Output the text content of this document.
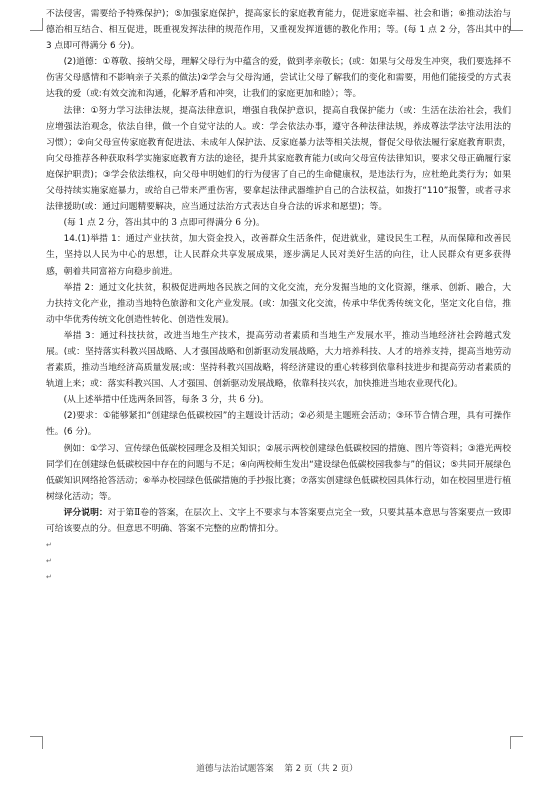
不法侵害，需要给予特殊保护)；⑤加强家庭保护，提高家长的家庭教育能力，促进家庭幸福、社会和谐；⑥推动法治与德治相互结合、相互促进，既重视发挥法律的规范作用，又重视发挥道德的教化作用；等。(每 1 点 2 分，答出其中的 3 点即可得满分 6 分)。

(2)道德：①尊敬、接纳父母，理解父母行为中蕴含的爱，做到孝亲敬长；(或：如果与父母发生冲突，我们要选择不伤害父母感情和不影响亲子关系的做法)②学会与父母沟通，尝试让父母了解我们的变化和需要，用他们能接受的方式表达我的爱（或:有效交流和沟通，化解矛盾和冲突，让我们的家庭更加和睦）；等。

法律：①努力学习法律法规，提高法律意识，增强自我保护意识，提高自我保护能力（或：生活在法治社会，我们应增强法治观念，依法自律，做一个自觉守法的人。或：学会依法办事，遵守各种法律法规，养成尊法学法守法用法的习惯）；②向父母宣传家庭教育促进法、未成年人保护法、反家庭暴力法等相关法规，督促父母依法履行家庭教育职责，向父母推荐各种获取科学实施家庭教育方法的途径，提升其家庭教育能力(或向父母宣传法律知识，要求父母正确履行家庭保护职责)；③学会依法维权，向父母申明她们的行为侵害了自己的生命健康权，是违法行为，应杜绝此类行为；如果父母持续实施家庭暴力，或给自己带来严重伤害，要拿起法律武器维护自己的合法权益，如拨打“110”报警，或者寻求法律援助(或：通过问题精要解决，应当通过法治方式表达自身合法的诉求和愿望)；等。

(每 1 点 2 分，答出其中的 3 点即可得满分 6 分)。

14.(1)举措 1：通过产业扶贫，加大资金投入，改善群众生活条件，促进就业，建设民生工程，从而保障和改善民生，坚持以人民为中心的思想，让人民群众共享发展成果，逐步满足人民对美好生活的向往，让人民群众有更多获得感，朝着共同富裕方向稳步前进。

举措 2：通过文化扶贫，积极促进两地各民族之间的文化交流，充分发掘当地的文化资源，继承、创新、融合，大力扶持文化产业，推动当地特色旅游和文化产业发展。(或：加强文化交流，传承中华优秀传统文化，坚定文化自信，推动中华优秀传统文化创造性转化、创造性发展)。

举措 3：通过科技扶贫，改进当地生产技术，提高劳动者素质和当地生产发展水平，推动当地经济社会跨越式发展。(或：坚持落实科教兴国战略、人才强国战略和创新驱动发展战略，大力培养科技、人才的培养支持，提高当地劳动者素质，推动当地经济高质量发展;或：坚持科教兴国战略，将经济建设的重心转移到依靠科技进步和提高劳动者素质的轨道上来；或：落实科教兴国、人才强国、创新驱动发展战略，依靠科技兴农，加快推进当地农业现代化)。

(从上述举措中任选两条回答，每条 3 分，共 6 分)。

(2)要求：①能够紧扣“创建绿色低碳校园”的主题设计活动；②必须是主题班会活动；③环节合情合理，具有可操作性。(6 分)。

例如：①学习、宣传绿色低碳校园理念及相关知识；②展示两校创建绿色低碳校园的措施、图片等资料；③港光两校同学们在创建绿色低碳校园中存在的问题与不足；④向两校师生发出“建设绿色低碳校园我参与”的倡议；⑤共同开展绿色低碳知识网络抢答活动；⑥举办校园绿色低碳措施的手抄报比赛；⑦落实创建绿色低碳校园具体行动，如在校园里进行植树绿化活动；等。

评分说明：对于第Ⅱ卷的答案，在层次上、文字上不要求与本答案要点完全一致，只要其基本意思与答案要点一致即可给该要点的分。但意思不明确、答案不完整的应酌情扣分。

↵

↵

↵

道德与法治试题答案 第 2 页（共 2 页）
